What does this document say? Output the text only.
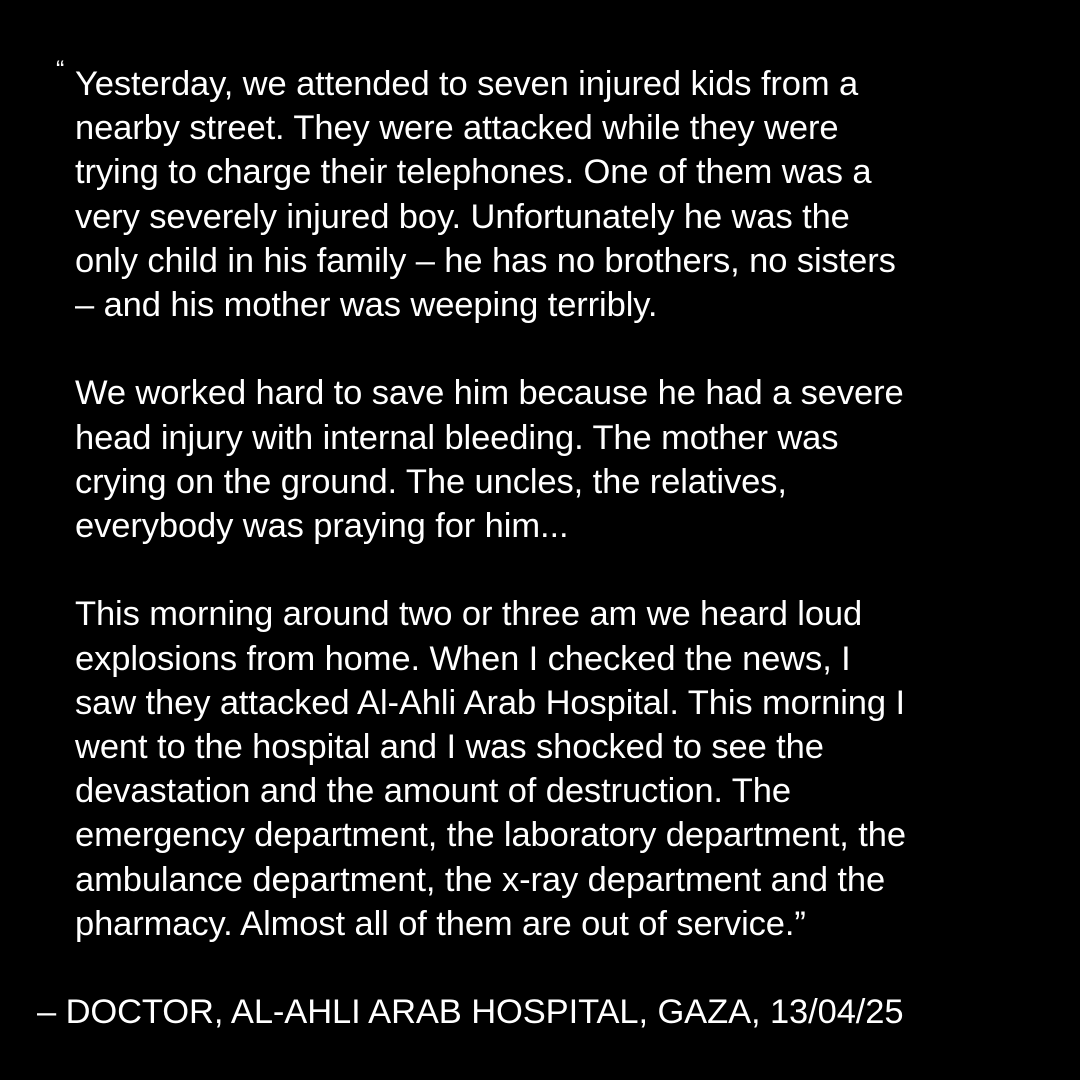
“ Yesterday, we attended to seven injured kids from a
nearby street. They were attacked while they were
trying to charge their telephones. One of them was a
very severely injured boy. Unfortunately he was the
only child in his family – he has no brothers, no sisters
– and his mother was weeping terribly.
We worked hard to save him because he had a severe
head injury with internal bleeding. The mother was
crying on the ground. The uncles, the relatives,
everybody was praying for him...
This morning around two or three am we heard loud
explosions from home. When I checked the news, I
saw they attacked Al-Ahli Arab Hospital. This morning I
went to the hospital and I was shocked to see the
devastation and the amount of destruction. The
emergency department, the laboratory department, the
ambulance department, the x-ray department and the
pharmacy. Almost all of them are out of service.”
– DOCTOR, AL-AHLI ARAB HOSPITAL, GAZA, 13/04/25
